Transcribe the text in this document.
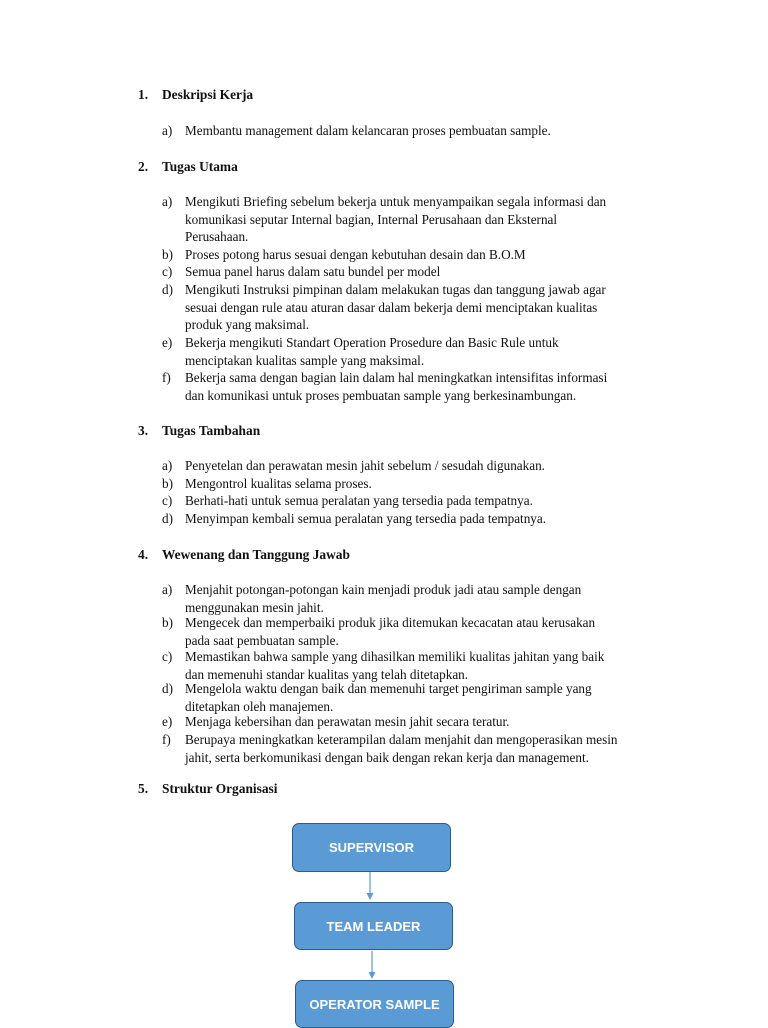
1. Deskripsi Kerja
a) Membantu management dalam kelancaran proses pembuatan sample.
2. Tugas Utama
a) Mengikuti Briefing sebelum bekerja untuk menyampaikan segala informasi dan
komunikasi seputar Internal bagian, Internal Perusahaan dan Eksternal
Perusahaan.
b) Proses potong harus sesuai dengan kebutuhan desain dan B.O.M
c) Semua panel harus dalam satu bundel per model
d) Mengikuti Instruksi pimpinan dalam melakukan tugas dan tanggung jawab agar
sesuai dengan rule atau aturan dasar dalam bekerja demi menciptakan kualitas
produk yang maksimal.
e) Bekerja mengikuti Standart Operation Prosedure dan Basic Rule untuk
menciptakan kualitas sample yang maksimal.
f) Bekerja sama dengan bagian lain dalam hal meningkatkan intensifitas informasi
dan komunikasi untuk proses pembuatan sample yang berkesinambungan.
3. Tugas Tambahan
a) Penyetelan dan perawatan mesin jahit sebelum / sesudah digunakan.
b) Mengontrol kualitas selama proses.
c) Berhati-hati untuk semua peralatan yang tersedia pada tempatnya.
d) Menyimpan kembali semua peralatan yang tersedia pada tempatnya.
4. Wewenang dan Tanggung Jawab
a) Menjahit potongan-potongan kain menjadi produk jadi atau sample dengan
menggunakan mesin jahit.
b) Mengecek dan memperbaiki produk jika ditemukan kecacatan atau kerusakan
pada saat pembuatan sample.
c) Memastikan bahwa sample yang dihasilkan memiliki kualitas jahitan yang baik
dan memenuhi standar kualitas yang telah ditetapkan.
d) Mengelola waktu dengan baik dan memenuhi target pengiriman sample yang
ditetapkan oleh manajemen.
e) Menjaga kebersihan dan perawatan mesin jahit secara teratur.
f) Berupaya meningkatkan keterampilan dalam menjahit dan mengoperasikan mesin
jahit, serta berkomunikasi dengan baik dengan rekan kerja dan management.
5. Struktur Organisasi
SUPERVISOR
TEAM LEADER
OPERATOR SAMPLE
